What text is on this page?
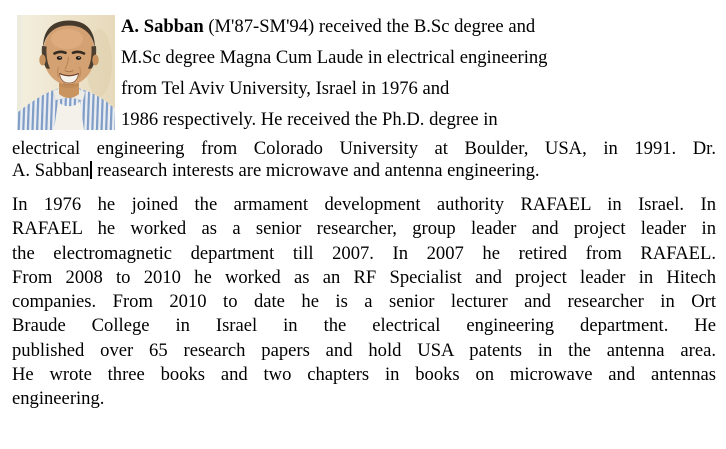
A. Sabban (M'87-SM'94) received the B.Sc degree and
M.Sc degree Magna Cum Laude in electrical engineering
from Tel Aviv University, Israel in 1976 and
1986 respectively. He received the Ph.D. degree in
electrical engineering from Colorado University at Boulder, USA, in 1991. Dr.
A. Sabban reasearch interests are microwave and antenna engineering.
In 1976 he joined the armament development authority RAFAEL in Israel. In
RAFAEL he worked as a senior researcher, group leader and project leader in
the electromagnetic department till 2007. In 2007 he retired from RAFAEL.
From 2008 to 2010 he worked as an RF Specialist and project leader in Hitech
companies. From 2010 to date he is a senior lecturer and researcher in Ort
Braude College in Israel in the electrical engineering department. He
published over 65 research papers and hold USA patents in the antenna area.
He wrote three books and two chapters in books on microwave and antennas
engineering.
